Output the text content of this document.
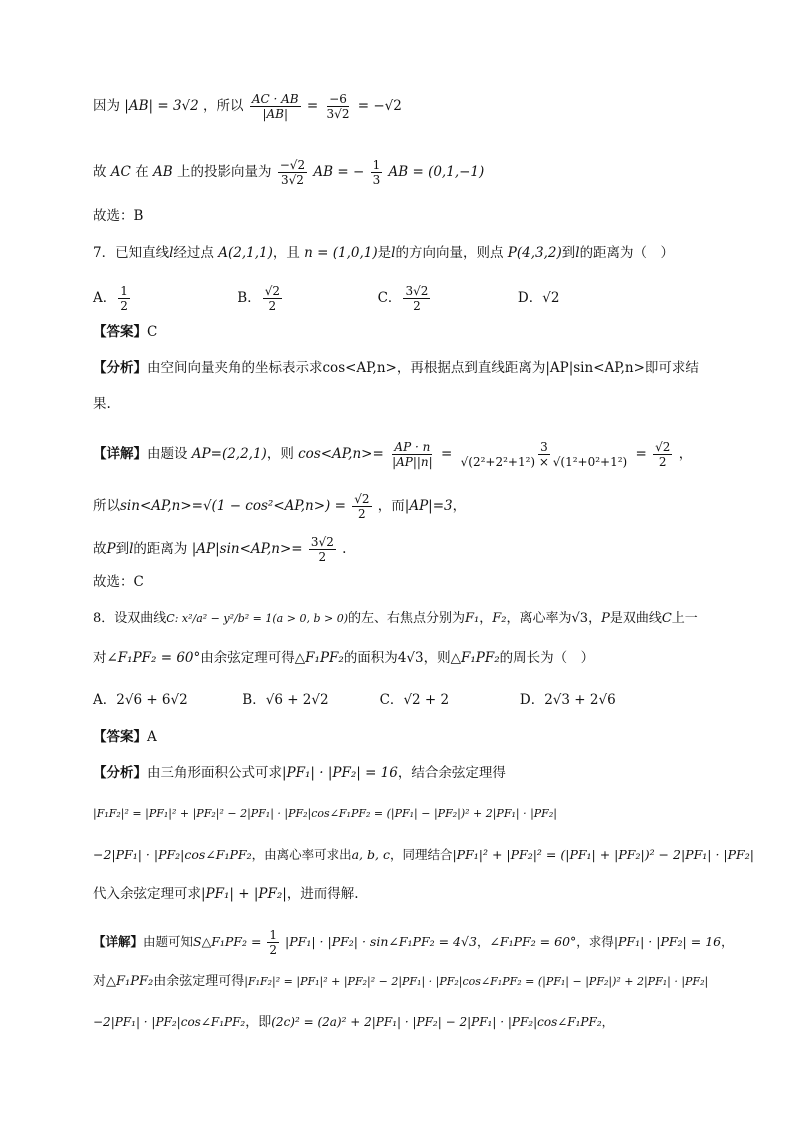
因为 |AB| = 3√2 ，所以 $\frac{AC \cdot AB}{|AB|} = \frac{-6}{3√2} = -√2$
故 AC 在 AB 上的投影向量为 $\frac{-√2}{3√2}$ AB = − $\frac{1}{3}$ AB = (0,1,−1)
故选：B
7．已知直线l经过点 A(2,1,1)，且 n = (1,0,1)是l的方向向量，则点 P(4,3,2)到l的距离为（　）
A． $\frac{1}{2}$	B． $\frac{√2}{2}$	C． $\frac{3√2}{2}$	D．√2
【答案】C
【分析】由空间向量夹角的坐标表示求cos<AP,n>，再根据点到直线距离为|AP|sin<AP,n>即可求结
果.
【详解】由题设 AP=(2,2,1)，则 $\cos<AP,n>= \frac{AP \cdot n}{|AP||n|} = \frac{3}{\text{√(2²+2²+1²) × √(1²+0²+1²)}} = \frac{√2}{2}$ ，
所以$\sin<AP,n>=√(1 - \cos^2<AP,n>) = \frac{√2}{2}$ ，而|AP|=3，
故P到l的距离为 $|AP|\sin<AP,n>= \frac{3√2}{2}$ .
故选：C
8．设双曲线C: x²/a² − y²/b² = 1(a > 0, b > 0)的左、右焦点分别为F₁，F₂，离心率为√3，P是双曲线C上一
对∠F₁PF₂ = 60°由余弦定理可得△F₁PF₂的面积为4√3，则△F₁PF₂的周长为（　）
A．2√6 + 6√2	B．√6 + 2√2	C．√2 + 2	D．2√3 + 2√6
【答案】A
【分析】由三角形面积公式可求|PF₁| · |PF₂| = 16，结合余弦定理得
|F₁F₂|² = |PF₁|² + |PF₂|² − 2|PF₁| · |PF₂|cos∠F₁PF₂ = (|PF₁| − |PF₂|)² + 2|PF₁| · |PF₂|
−2|PF₁| · |PF₂|cos∠F₁PF₂，由离心率可求出a, b, c，同理结合|PF₁|² + |PF₂|² = (|PF₁| + |PF₂|)² − 2|PF₁| · |PF₂|
代入余弦定理可求|PF₁| + |PF₂|，进而得解.
【详解】由题可知S△F₁PF₂ = $\frac{1}{2} |PF_1| \cdot |PF_2|$ · sin∠F₁PF₂ = 4√3，∠F₁PF₂ = 60°，求得|PF₁| · |PF₂| = 16，
对△F₁PF₂由余弦定理可得|F₁F₂|² = |PF₁|² + |PF₂|² − 2|PF₁| · |PF₂|cos∠F₁PF₂ = (|PF₁| − |PF₂|)² + 2|PF₁| · |PF₂|
−2|PF₁| · |PF₂|cos∠F₁PF₂，即(2c)² = (2a)² + 2|PF₁| · |PF₂| − 2|PF₁| · |PF₂|cos∠F₁PF₂，
